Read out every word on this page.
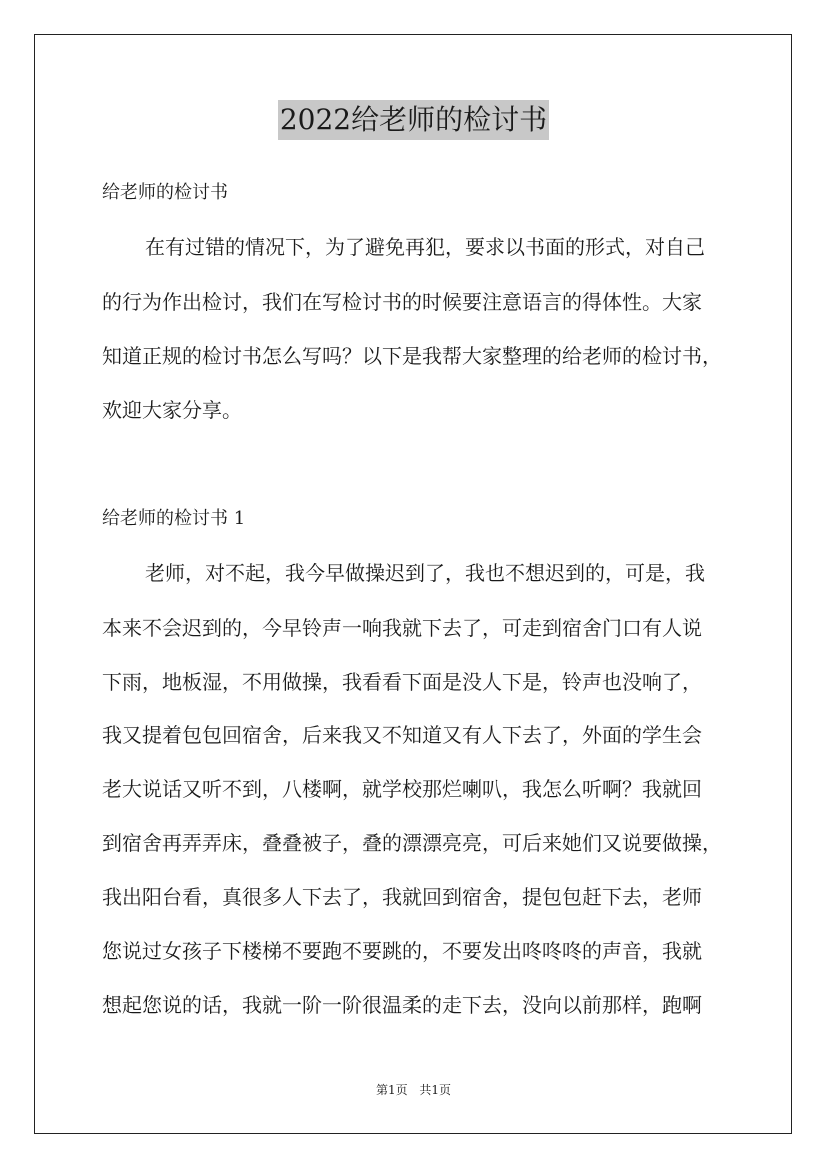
2022给老师的检讨书
给老师的检讨书
在有过错的情况下，为了避免再犯，要求以书面的形式，对自己
的行为作出检讨，我们在写检讨书的时候要注意语言的得体性。大家
知道正规的检讨书怎么写吗？以下是我帮大家整理的给老师的检讨书，
欢迎大家分享。
给老师的检讨书 1
老师，对不起，我今早做操迟到了，我也不想迟到的，可是，我
本来不会迟到的，今早铃声一响我就下去了，可走到宿舍门口有人说
下雨，地板湿，不用做操，我看看下面是没人下是，铃声也没响了，
我又提着包包回宿舍，后来我又不知道又有人下去了，外面的学生会
老大说话又听不到，八楼啊，就学校那烂喇叭，我怎么听啊？我就回
到宿舍再弄弄床，叠叠被子，叠的漂漂亮亮，可后来她们又说要做操，
我出阳台看，真很多人下去了，我就回到宿舍，提包包赶下去，老师
您说过女孩子下楼梯不要跑不要跳的，不要发出咚咚咚的声音，我就
想起您说的话，我就一阶一阶很温柔的走下去，没向以前那样，跑啊
第1页 共1页
